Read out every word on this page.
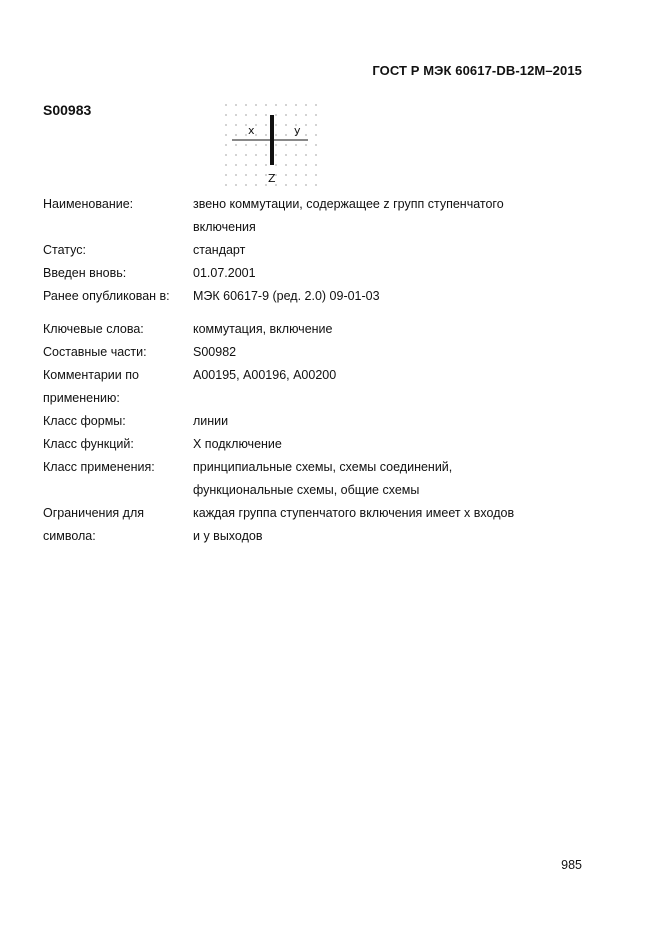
ГОСТ Р МЭК 60617-DB-12M–2015
S00983
x	y
Z
Наименование:	звено коммутации, содержащее z групп ступенчатого
включения
Статус:	стандарт
Введен вновь:	01.07.2001
Ранее опубликован в:	МЭК 60617-9 (ред. 2.0) 09-01-03
Ключевые слова:	коммутация, включение
Составные части:	S00982
Комментарии по применению:
А00195, А00196, А00200
Класс формы:	линии
Класс функций:	X подключение
Класс применения:	принципиальные схемы, схемы соединений,
функциональные схемы, общие схемы
Ограничения для символа:
каждая группа ступенчатого включения имеет x входов
и y выходов
985
